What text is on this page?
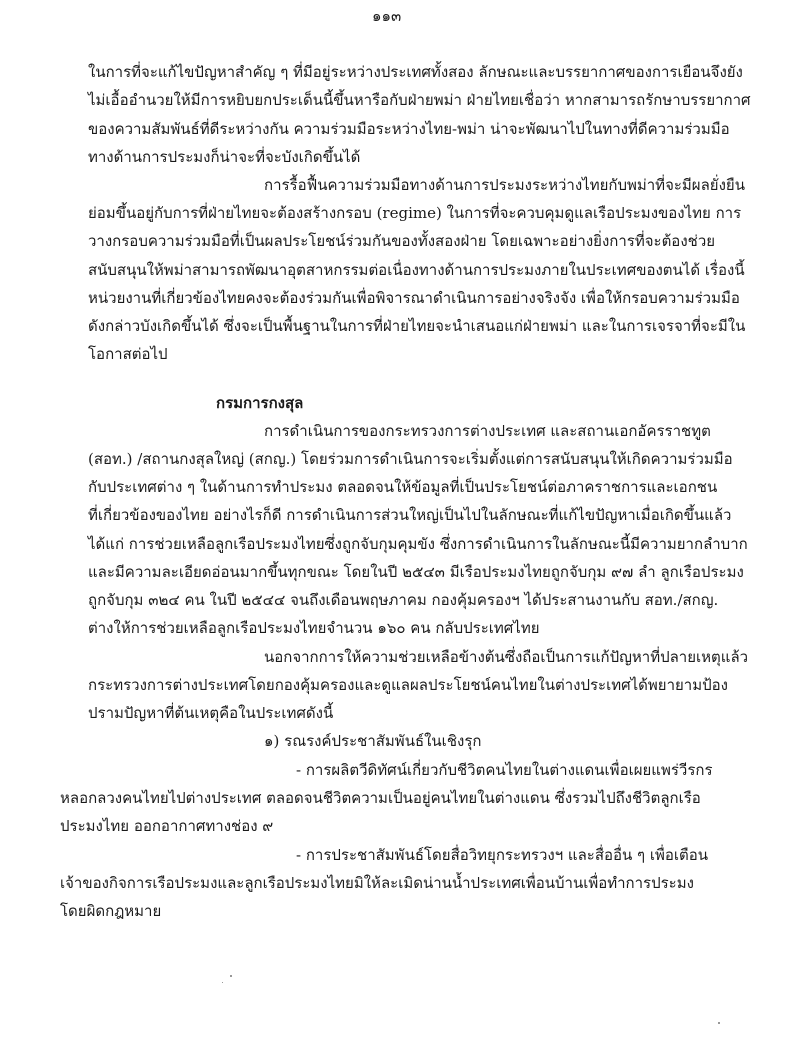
๑๑๓
ในการที่จะแก้ไขปัญหาสำคัญ ๆ ที่มีอยู่ระหว่างประเทศทั้งสอง ลักษณะและบรรยากาศของการเยือนจึงยัง
ไม่เอื้ออำนวยให้มีการหยิบยกประเด็นนี้ขึ้นหารือกับฝ่ายพม่า ฝ่ายไทยเชื่อว่า หากสามารถรักษาบรรยากาศ
ของความสัมพันธ์ที่ดีระหว่างกัน ความร่วมมือระหว่างไทย-พม่า น่าจะพัฒนาไปในทางที่ดีความร่วมมือ
ทางด้านการประมงก็น่าจะที่จะบังเกิดขึ้นได้
การรื้อฟื้นความร่วมมือทางด้านการประมงระหว่างไทยกับพม่าที่จะมีผลยั่งยืน
ย่อมขึ้นอยู่กับการที่ฝ่ายไทยจะต้องสร้างกรอบ (regime) ในการที่จะควบคุมดูแลเรือประมงของไทย การ
วางกรอบความร่วมมือที่เป็นผลประโยชน์ร่วมกันของทั้งสองฝ่าย โดยเฉพาะอย่างยิ่งการที่จะต้องช่วย
สนับสนุนให้พม่าสามารถพัฒนาอุตสาหกรรมต่อเนื่องทางด้านการประมงภายในประเทศของตนได้ เรื่องนี้
หน่วยงานที่เกี่ยวข้องไทยคงจะต้องร่วมกันเพื่อพิจารณาดำเนินการอย่างจริงจัง เพื่อให้กรอบความร่วมมือ
ดังกล่าวบังเกิดขึ้นได้ ซึ่งจะเป็นพื้นฐานในการที่ฝ่ายไทยจะนำเสนอแก่ฝ่ายพม่า และในการเจรจาที่จะมีใน
โอกาสต่อไป
กรมการกงสุล
การดำเนินการของกระทรวงการต่างประเทศ และสถานเอกอัครราชทูต
(สอท.) /สถานกงสุลใหญ่ (สกญ.) โดยร่วมการดำเนินการจะเริ่มตั้งแต่การสนับสนุนให้เกิดความร่วมมือ
กับประเทศต่าง ๆ ในด้านการทำประมง ตลอดจนให้ข้อมูลที่เป็นประโยชน์ต่อภาคราชการและเอกชน
ที่เกี่ยวข้องของไทย อย่างไรก็ดี การดำเนินการส่วนใหญ่เป็นไปในลักษณะที่แก้ไขปัญหาเมื่อเกิดขึ้นแล้ว
ได้แก่ การช่วยเหลือลูกเรือประมงไทยซึ่งถูกจับกุมคุมขัง ซึ่งการดำเนินการในลักษณะนี้มีความยากลำบาก
และมีความละเอียดอ่อนมากขึ้นทุกขณะ โดยในปี ๒๕๔๓ มีเรือประมงไทยถูกจับกุม ๙๗ ลำ ลูกเรือประมง
ถูกจับกุม ๓๒๔ คน ในปี ๒๕๔๔ จนถึงเดือนพฤษภาคม กองคุ้มครองฯ ได้ประสานงานกับ สอท./สกญ.
ต่างให้การช่วยเหลือลูกเรือประมงไทยจำนวน ๑๖๐ คน กลับประเทศไทย
นอกจากการให้ความช่วยเหลือข้างต้นซึ่งถือเป็นการแก้ปัญหาที่ปลายเหตุแล้ว
กระทรวงการต่างประเทศโดยกองคุ้มครองและดูแลผลประโยชน์คนไทยในต่างประเทศได้พยายามป้อง
ปรามปัญหาที่ต้นเหตุคือในประเทศดังนี้
๑) รณรงค์ประชาสัมพันธ์ในเชิงรุก
- การผลิตวีดิทัศน์เกี่ยวกับชีวิตคนไทยในต่างแดนเพื่อเผยแพร่วีรกร
หลอกลวงคนไทยไปต่างประเทศ ตลอดจนชีวิตความเป็นอยู่คนไทยในต่างแดน ซึ่งรวมไปถึงชีวิตลูกเรือ
ประมงไทย ออกอากาศทางช่อง ๙
- การประชาสัมพันธ์โดยสื่อวิทยุกระทรวงฯ และสื่ออื่น ๆ เพื่อเตือน
เจ้าของกิจการเรือประมงและลูกเรือประมงไทยมิให้ละเมิดน่านน้ำประเทศเพื่อนบ้านเพื่อทำการประมง
โดยผิดกฎหมาย
